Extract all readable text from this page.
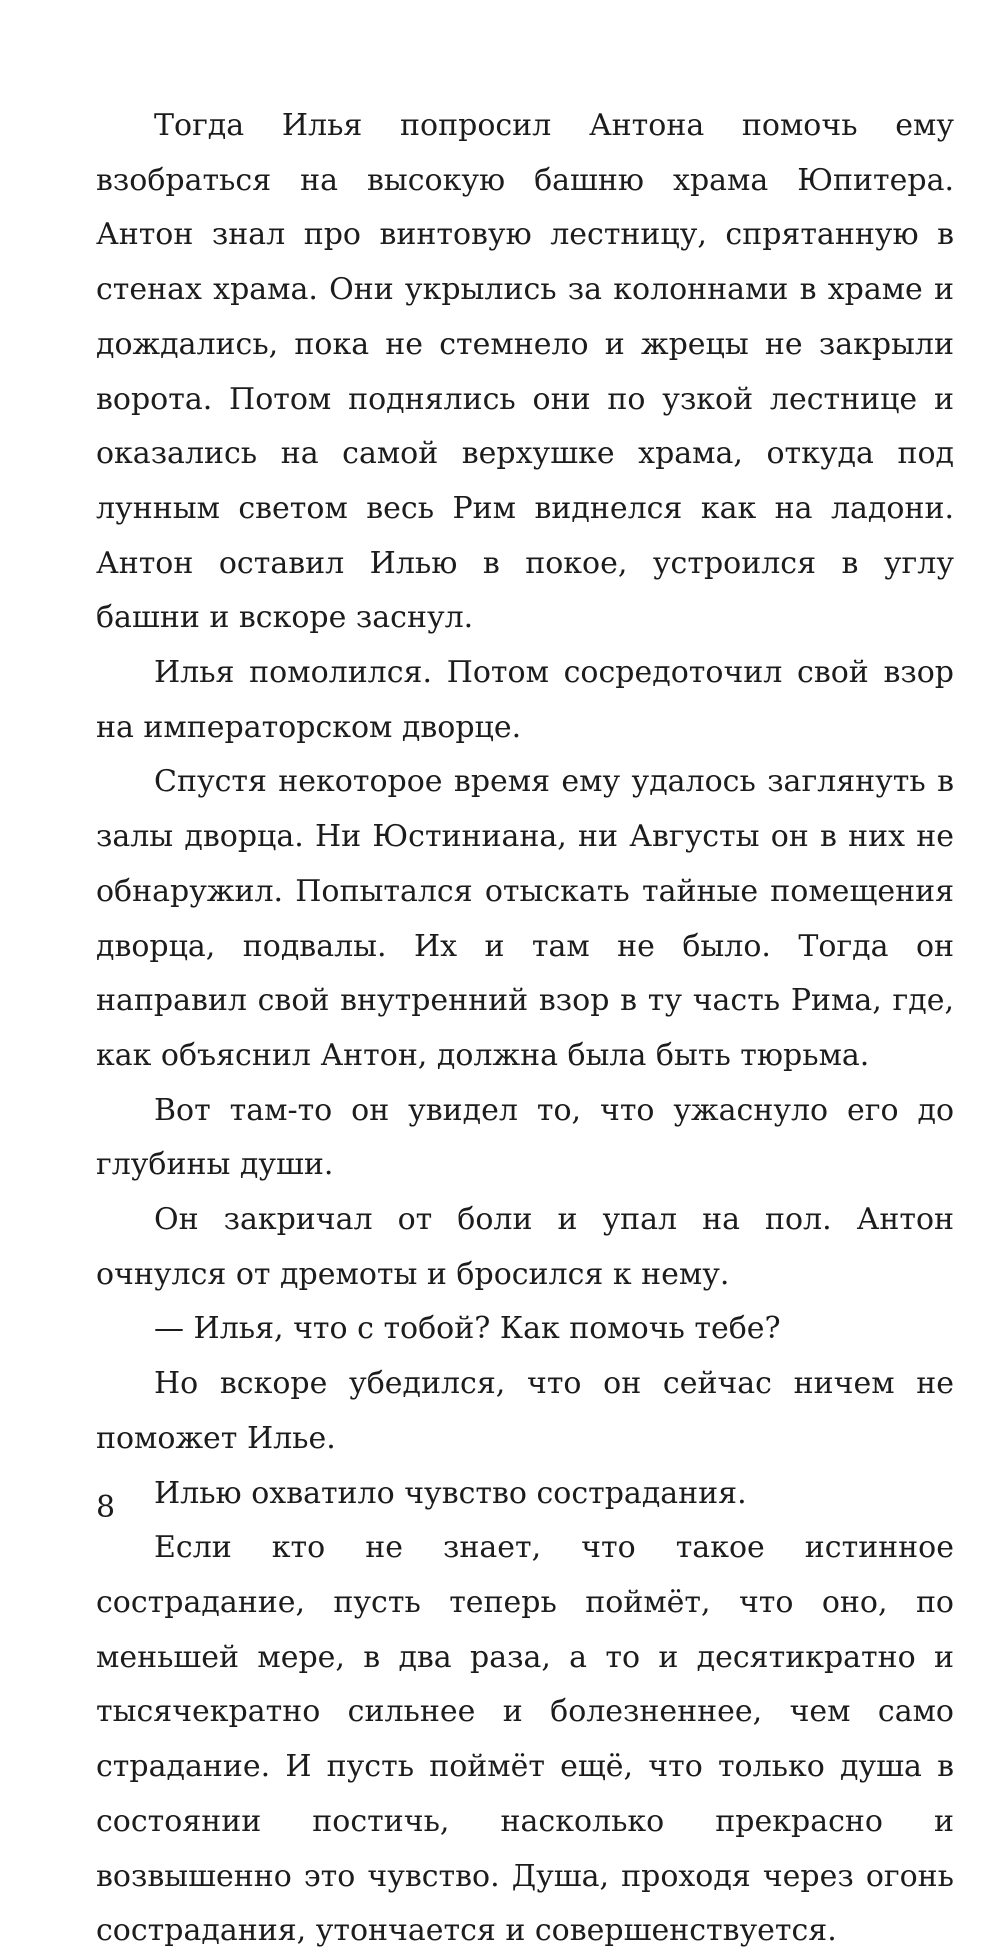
Тогда Илья попросил Антона помочь ему взобраться на высокую башню храма Юпитера. Антон знал про винтовую лестницу, спрятанную в стенах храма. Они укрылись за колоннами в храме и дождались, пока не стемнело и жрецы не закрыли ворота. Потом поднялись они по узкой лестнице и оказались на самой верхушке храма, откуда под лунным светом весь Рим виднелся как на ладони. Антон оставил Илью в покое, устроился в углу башни и вскоре заснул.

Илья помолился. Потом сосредоточил свой взор на императорском дворце.

Спустя некоторое время ему удалось заглянуть в залы дворца. Ни Юстиниана, ни Августы он в них не обнаружил. Попытался отыскать тайные помещения дворца, подвалы. Их и там не было. Тогда он направил свой внутренний взор в ту часть Рима, где, как объяснил Антон, должна была быть тюрьма.

Вот там-то он увидел то, что ужаснуло его до глубины души.

Он закричал от боли и упал на пол. Антон очнулся от дремоты и бросился к нему.

— Илья, что с тобой? Как помочь тебе?

Но вскоре убедился, что он сейчас ничем не поможет Илье.

Илью охватило чувство сострадания.

Если кто не знает, что такое истинное сострадание, пусть теперь поймёт, что оно, по меньшей мере, в два раза, а то и десятикратно и тысячекратно сильнее и болезненнее, чем само страдание. И пусть поймёт ещё, что только душа в состоянии постичь, насколько прекрасно и возвышенно это чувство. Душа, проходя через огонь сострадания, утончается и совершенствуется.

8
